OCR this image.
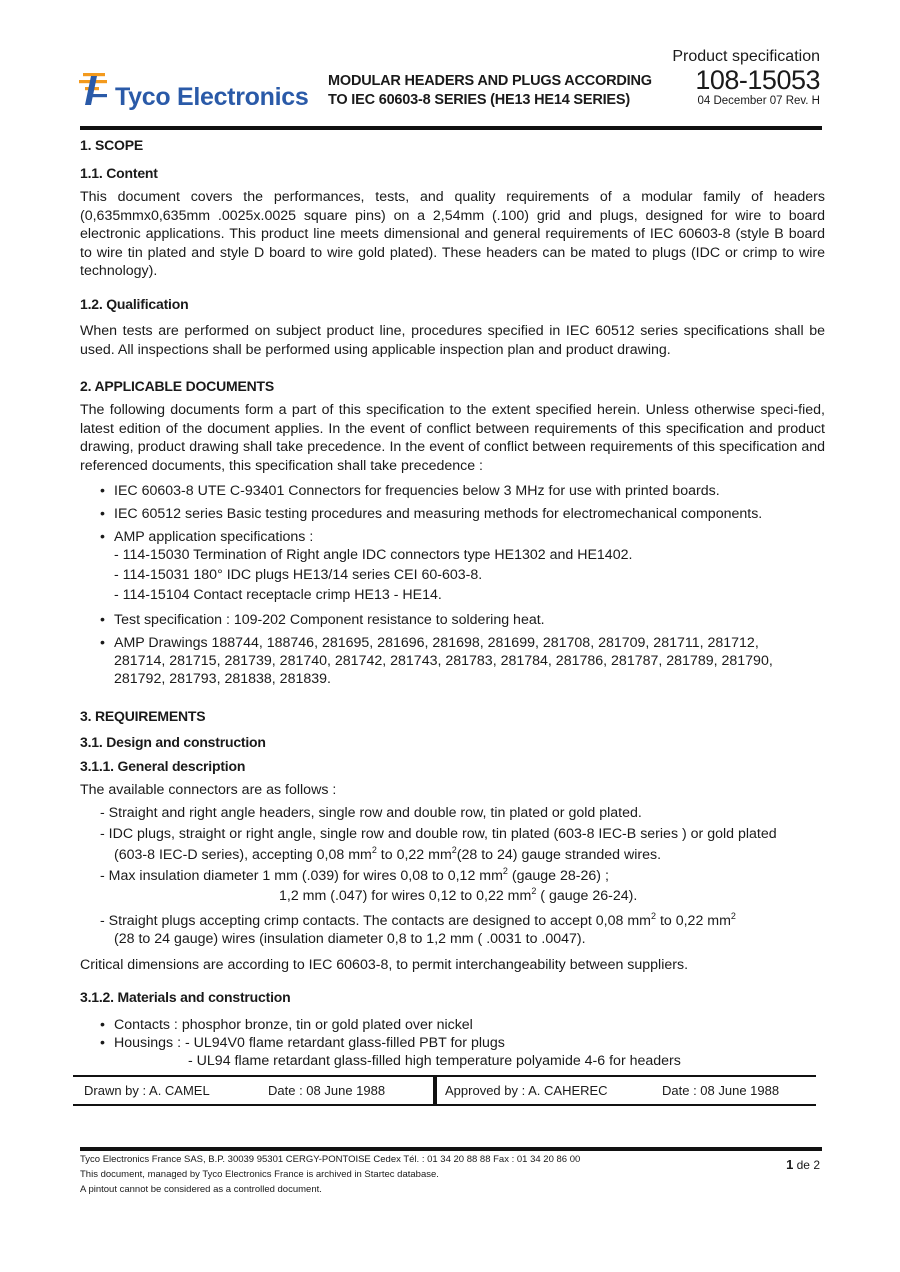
Tyco Electronics
MODULAR HEADERS AND PLUGS ACCORDING
TO IEC 60603-8 SERIES (HE13 HE14 SERIES)
Product specification
108-15053
04 December 07 Rev. H
1. SCOPE
1.1. Content

This document covers the performances, tests, and quality requirements of a modular family of headers (0,635mmx0,635mm .0025x.0025 square pins) on a 2,54mm (.100) grid and plugs, designed for wire to board electronic applications. This product line meets dimensional and general requirements of IEC 60603-8 (style B board to wire tin plated and style D board to wire gold plated). These headers can be mated to plugs (IDC or crimp to wire technology).

1.2. Qualification

When tests are performed on subject product line, procedures specified in IEC 60512 series specifications shall be used. All inspections shall be performed using applicable inspection plan and product drawing.

2. APPLICABLE DOCUMENTS

The following documents form a part of this specification to the extent specified herein. Unless otherwise speci-fied, latest edition of the document applies. In the event of conflict between requirements of this specification and product drawing, product drawing shall take precedence. In the event of conflict between requirements of this specification and referenced documents, this specification shall take precedence :

• IEC 60603-8 UTE C-93401 Connectors for frequencies below 3 MHz for use with printed boards.
• IEC 60512 series Basic testing procedures and measuring methods for electromechanical components.
• AMP application specifications :
- 114-15030 Termination of Right angle IDC connectors type HE1302 and HE1402.
- 114-15031 180° IDC plugs HE13/14 series CEI 60-603-8.
- 114-15104 Contact receptacle crimp HE13 - HE14.
• Test specification : 109-202 Component resistance to soldering heat.
• AMP Drawings 188744, 188746, 281695, 281696, 281698, 281699, 281708, 281709, 281711, 281712,
281714, 281715, 281739, 281740, 281742, 281743, 281783, 281784, 281786, 281787, 281789, 281790,
281792, 281793, 281838, 281839.
3. REQUIREMENTS
3.1. Design and construction
3.1.1. General description
The available connectors are as follows :
- Straight and right angle headers, single row and double row, tin plated or gold plated.
- IDC plugs, straight or right angle, single row and double row, tin plated (603-8 IEC-B series ) or gold plated
(603-8 IEC-D series), accepting 0,08 $mm^2$ to 0,22 $mm^2(28$ to 24) gauge stranded wires.
- Max insulation diameter 1 mm (.039) for wires 0,08 to 0,12 $mm^2$ (gauge 28-26) ;
1,2 mm (.047) for wires 0,12 to 0,22 $mm^2$ ( gauge 26-24).
- Straight plugs accepting crimp contacts. The contacts are designed to accept 0,08 $mm^2$ to 0,22 $mm^2$
(28 to 24 gauge) wires (insulation diameter 0,8 to 1,2 mm ( .0031 to .0047).
Critical dimensions are according to IEC 60603-8, to permit interchangeability between suppliers.
3.1.2. Materials and construction
• Contacts : phosphor bronze, tin or gold plated over nickel
• Housings : - UL94V0 flame retardant glass-filled PBT for plugs
- UL94 flame retardant glass-filled high temperature polyamide 4-6 for headers
Drawn by : A. CAMEL	Date : 08 June 1988	Approved by : A. CAHEREC	Date : 08 June 1988
Tyco Electronics France SAS, B.P. 30039 95301 CERGY-PONTOISE Cedex Tél. : 01 34 20 88 88 Fax : 01 34 20 86 00
This document, managed by Tyco Electronics France is archived in Startec database.
A pintout cannot be considered as a controlled document.
1 de 2
